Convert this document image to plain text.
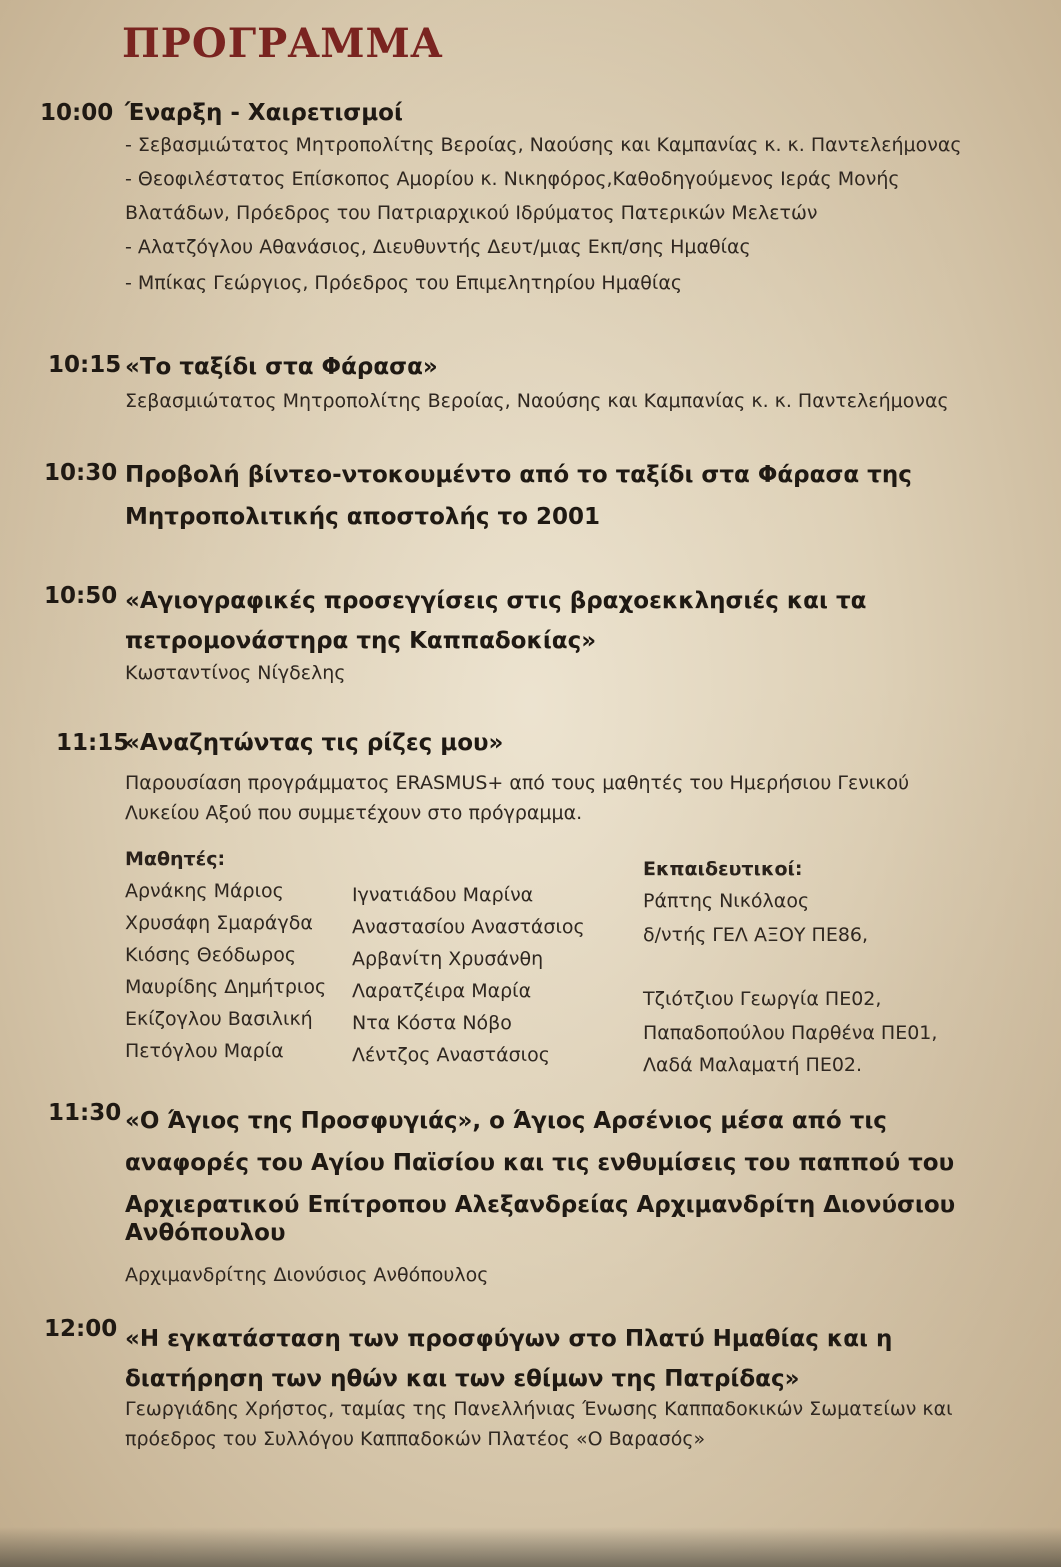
ΠΡΟΓΡΑΜΜΑ
10:00 Έναρξη - Χαιρετισμοί
- Σεβασμιώτατος Μητροπολίτης Βεροίας, Ναούσης και Καμπανίας κ. κ. Παντελεήμονας
- Θεοφιλέστατος Επίσκοπος Αμορίου κ. Νικηφόρος,Καθοδηγούμενος Ιεράς Μονής
Βλατάδων, Πρόεδρος του Πατριαρχικού Ιδρύματος Πατερικών Μελετών
- Αλατζόγλου Αθανάσιος, Διευθυντής Δευτ/μιας Εκπ/σης Ημαθίας
- Μπίκας Γεώργιος, Πρόεδρος του Επιμελητηρίου Ημαθίας
10:15 «Το ταξίδι στα Φάρασα»
Σεβασμιώτατος Μητροπολίτης Βεροίας, Ναούσης και Καμπανίας κ. κ. Παντελεήμονας
10:30 Προβολή βίντεο-ντοκουμέντο από το ταξίδι στα Φάρασα της
Μητροπολιτικής αποστολής το 2001
10:50 «Αγιογραφικές προσεγγίσεις στις βραχοεκκλησιές και τα
πετρομονάστηρα της Καππαδοκίας»
Κωσταντίνος Νίγδελης
11:15
«Αναζητώντας τις ρίζες μου»
Παρουσίαση προγράμματος ERASMUS+ από τους μαθητές του Ημερήσιου Γενικού
Λυκείου Αξού που συμμετέχουν στο πρόγραμμα.
Μαθητές:
Αρνάκης Μάριος
Χρυσάφη Σμαράγδα
Κιόσης Θεόδωρος
Μαυρίδης Δημήτριος
Εκίζογλου Βασιλική
Πετόγλου Μαρία
Ιγνατιάδου Μαρίνα
Αναστασίου Αναστάσιος
Αρβανίτη Χρυσάνθη
Λαρατζέιρα Μαρία
Ντα Κόστα Νόβο
Λέντζος Αναστάσιος
Εκπαιδευτικοί:
Ράπτης Νικόλαος
δ/ντής ΓΕΛ ΑΞΟΥ ΠΕ86,
Τζιότζιου Γεωργία ΠΕ02,
Παπαδοπούλου Παρθένα ΠΕ01,
Λαδά Μαλαματή ΠΕ02.
11:30 «Ο Άγιος της Προσφυγιάς», ο Άγιος Αρσένιος μέσα από τις
αναφορές του Αγίου Παϊσίου και τις ενθυμίσεις του παππού του
Αρχιερατικού Επίτροπου Αλεξανδρείας Αρχιμανδρίτη Διονύσιου
Ανθόπουλου
Αρχιμανδρίτης Διονύσιος Ανθόπουλος
12:00 «Η εγκατάσταση των προσφύγων στο Πλατύ Ημαθίας και η
διατήρηση των ηθών και των εθίμων της Πατρίδας»
Γεωργιάδης Χρήστος, ταμίας της Πανελλήνιας Ένωσης Καππαδοκικών Σωματείων και
πρόεδρος του Συλλόγου Καππαδοκών Πλατέος «Ο Βαρασός»
